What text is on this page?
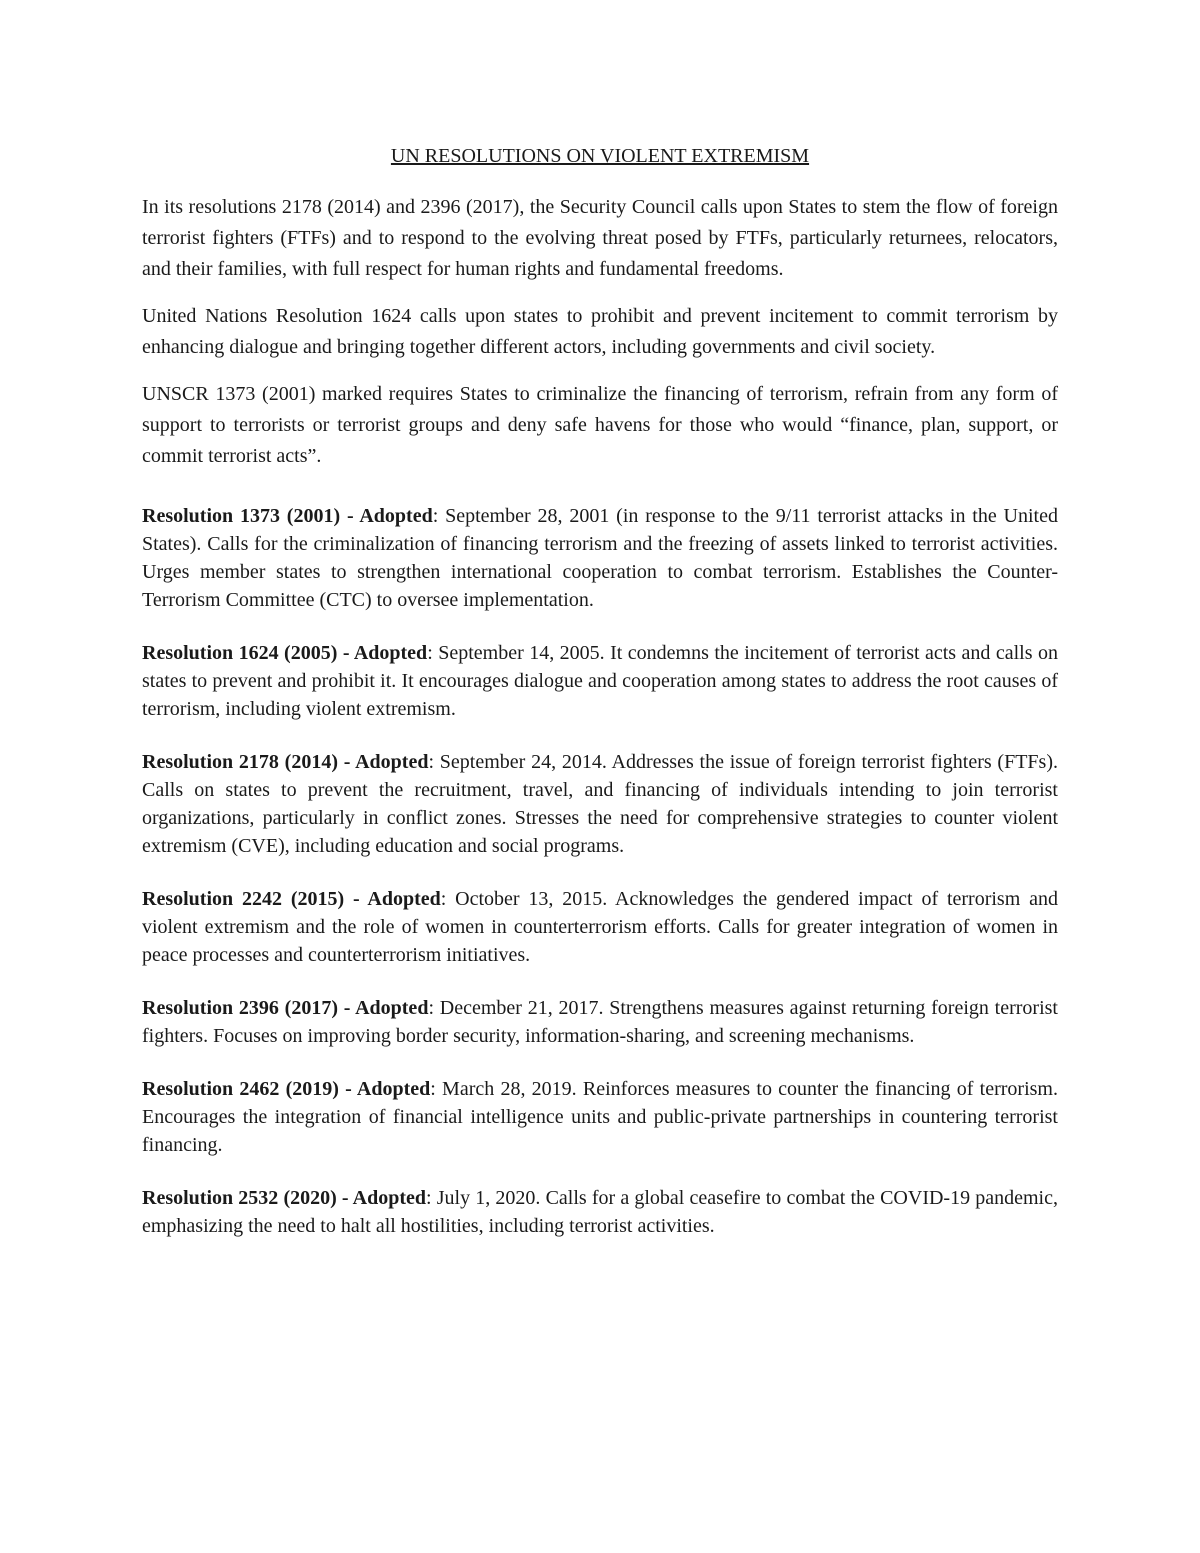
UN RESOLUTIONS ON VIOLENT EXTREMISM

In its resolutions 2178 (2014) and 2396 (2017), the Security Council calls upon States to stem the flow of foreign terrorist fighters (FTFs) and to respond to the evolving threat posed by FTFs, particularly returnees, relocators, and their families, with full respect for human rights and fundamental freedoms.

United Nations Resolution 1624 calls upon states to prohibit and prevent incitement to commit terrorism by enhancing dialogue and bringing together different actors, including governments and civil society.

UNSCR 1373 (2001) marked requires States to criminalize the financing of terrorism, refrain from any form of support to terrorists or terrorist groups and deny safe havens for those who would “finance, plan, support, or commit terrorist acts”.

Resolution 1373 (2001) - Adopted: September 28, 2001 (in response to the 9/11 terrorist attacks in the United States). Calls for the criminalization of financing terrorism and the freezing of assets linked to terrorist activities. Urges member states to strengthen international cooperation to combat terrorism. Establishes the Counter-Terrorism Committee (CTC) to oversee implementation.

Resolution 1624 (2005) - Adopted: September 14, 2005. It condemns the incitement of terrorist acts and calls on states to prevent and prohibit it. It encourages dialogue and cooperation among states to address the root causes of terrorism, including violent extremism.

Resolution 2178 (2014) - Adopted: September 24, 2014. Addresses the issue of foreign terrorist fighters (FTFs). Calls on states to prevent the recruitment, travel, and financing of individuals intending to join terrorist organizations, particularly in conflict zones. Stresses the need for comprehensive strategies to counter violent extremism (CVE), including education and social programs.

Resolution 2242 (2015) - Adopted: October 13, 2015. Acknowledges the gendered impact of terrorism and violent extremism and the role of women in counterterrorism efforts. Calls for greater integration of women in peace processes and counterterrorism initiatives.

Resolution 2396 (2017) - Adopted: December 21, 2017. Strengthens measures against returning foreign terrorist fighters. Focuses on improving border security, information-sharing, and screening mechanisms.

Resolution 2462 (2019) - Adopted: March 28, 2019. Reinforces measures to counter the financing of terrorism. Encourages the integration of financial intelligence units and public-private partnerships in countering terrorist financing.

Resolution 2532 (2020) - Adopted: July 1, 2020. Calls for a global ceasefire to combat the COVID-19 pandemic, emphasizing the need to halt all hostilities, including terrorist activities.
